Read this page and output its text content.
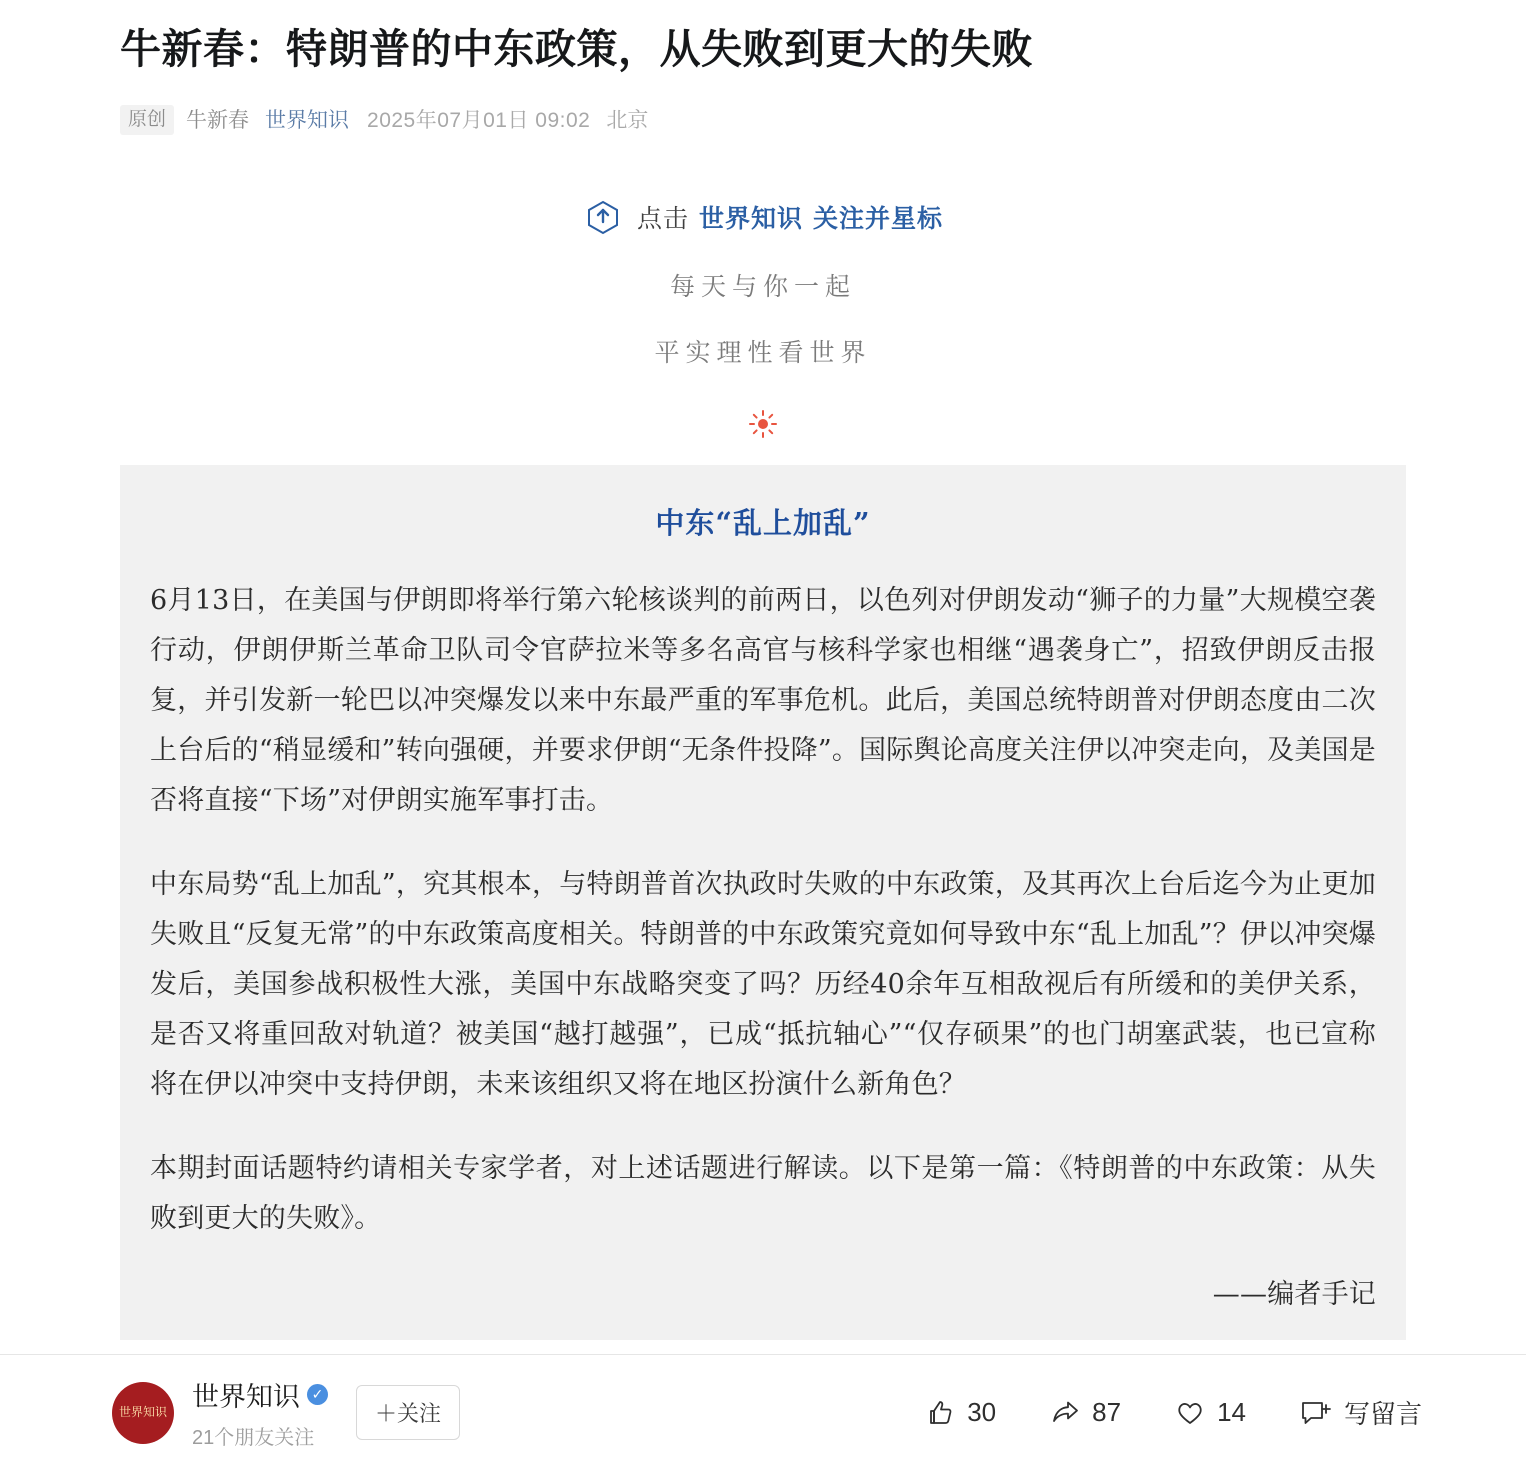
牛新春：特朗普的中东政策，从失败到更大的失败
原创 牛新春 世界知识 2025年07月01日 09:02 北京
点击 世界知识 关注并星标
每天与你一起
平实理性看世界
中东“乱上加乱”

6月13日，在美国与伊朗即将举行第六轮核谈判的前两日，以色列对伊朗发动“狮子的力量”大规模空袭行动，伊朗伊斯兰革命卫队司令官萨拉米等多名高官与核科学家也相继“遇袭身亡”，招致伊朗反击报复，并引发新一轮巴以冲突爆发以来中东最严重的军事危机。此后，美国总统特朗普对伊朗态度由二次上台后的“稍显缓和”转向强硬，并要求伊朗“无条件投降”。国际舆论高度关注伊以冲突走向，及美国是否将直接“下场”对伊朗实施军事打击。

中东局势“乱上加乱”，究其根本，与特朗普首次执政时失败的中东政策，及其再次上台后迄今为止更加失败且“反复无常”的中东政策高度相关。特朗普的中东政策究竟如何导致中东“乱上加乱”？伊以冲突爆发后，美国参战积极性大涨，美国中东战略突变了吗？历经40余年互相敌视后有所缓和的美伊关系，是否又将重回敌对轨道？被美国“越打越强”，已成“抵抗轴心”“仅存硕果”的也门胡塞武装，也已宣称将在伊以冲突中支持伊朗，未来该组织又将在地区扮演什么新角色？

本期封面话题特约请相关专家学者，对上述话题进行解读。以下是第一篇：《特朗普的中东政策：从失败到更大的失败》。

——编者手记

世界知识
世界知识 ✓
21个朋友关注
＋关注	30	87	14	写留言
